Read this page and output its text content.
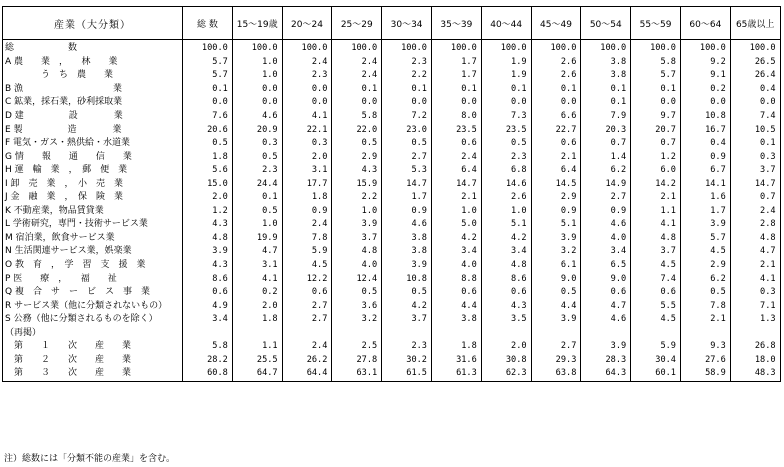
産業（大分類）	総 数	15〜19歳	20〜24	25〜29	30〜34	35〜39	40〜44	45〜49	50〜54	55〜59	60〜64	65歳以上
総　　　　　　数	100.0	100.0	100.0	100.0	100.0	100.0	100.0	100.0	100.0	100.0	100.0	100.0
A 農　　業　，　　林　　業	5.7	1.0	2.4	2.4	2.3	1.7	1.9	2.6	3.8	5.8	9.2	26.5
　　　　う　ち　農　　業	5.7	1.0	2.3	2.4	2.2	1.7	1.9	2.6	3.8	5.7	9.1	26.4
B 漁　　　　　　　　　　業	0.1	0.0	0.0	0.1	0.1	0.1	0.1	0.1	0.1	0.1	0.2	0.4
C 鉱業，採石業，砂利採取業	0.0	0.0	0.0	0.0	0.0	0.0	0.0	0.0	0.1	0.0	0.0	0.0
D 建　　　　　設　　　　業	7.6	4.6	4.1	5.8	7.2	8.0	7.3	6.6	7.9	9.7	10.8	7.4
E 製　　　　　造　　　　業	20.6	20.9	22.1	22.0	23.0	23.5	23.5	22.7	20.3	20.7	16.7	10.5
F 電気・ガス・熱供給・水道業	0.5	0.3	0.3	0.5	0.5	0.6	0.5	0.6	0.7	0.7	0.4	0.1
G 情　　報　　通　　信　　業	1.8	0.5	2.0	2.9	2.7	2.4	2.3	2.1	1.4	1.2	0.9	0.3
H 運　輸　業　，　郵　便　業	5.6	2.3	3.1	4.3	5.3	6.4	6.8	6.4	6.2	6.0	6.7	3.7
I 卸　売　業　，　小　売　業	15.0	24.4	17.7	15.9	14.7	14.7	14.6	14.5	14.9	14.2	14.1	14.7
J 金　融　業　，　保　険　業	2.0	0.1	1.8	2.2	1.7	2.1	2.6	2.9	2.7	2.1	1.6	0.7
K 不動産業，物品賃貸業	1.2	0.5	0.9	1.0	0.9	1.0	1.0	0.9	0.9	1.1	1.7	2.4
L 学術研究，専門・技術サービス業	4.3	1.0	2.4	3.9	4.6	5.0	5.1	5.1	4.6	4.1	3.9	2.8
M 宿泊業，飲食サービス業	4.8	19.9	7.8	3.7	3.8	4.2	4.2	3.9	4.0	4.8	5.7	4.8
N 生活関連サービス業，娯楽業	3.9	4.7	5.9	4.8	3.8	3.4	3.4	3.2	3.4	3.7	4.5	4.7
O 教　育　，　学　習　支　援　業	4.3	3.1	4.5	4.0	3.9	4.0	4.8	6.1	6.5	4.5	2.9	2.1
P 医　　療　，　　福　　祉	8.6	4.1	12.2	12.4	10.8	8.8	8.6	9.0	9.0	7.4	6.2	4.1
Q 複　合　サ　ー　ビ　ス　事　業	0.6	0.2	0.6	0.5	0.5	0.6	0.6	0.5	0.6	0.6	0.5	0.3
R サービス業（他に分類されないもの）	4.9	2.0	2.7	3.6	4.2	4.4	4.3	4.4	4.7	5.5	7.8	7.1
S 公務（他に分類されるものを除く）	3.4	1.8	2.7	3.2	3.7	3.8	3.5	3.9	4.6	4.5	2.1	1.3
（再掲）												
　第　　１　　次　　産　　業	5.8	1.1	2.4	2.5	2.3	1.8	2.0	2.7	3.9	5.9	9.3	26.8
　第　　２　　次　　産　　業	28.2	25.5	26.2	27.8	30.2	31.6	30.8	29.3	28.3	30.4	27.6	18.0
　第　　３　　次　　産　　業	60.8	64.7	64.4	63.1	61.5	61.3	62.3	63.8	64.3	60.1	58.9	48.3
注）総数には「分類不能の産業」を含む。
